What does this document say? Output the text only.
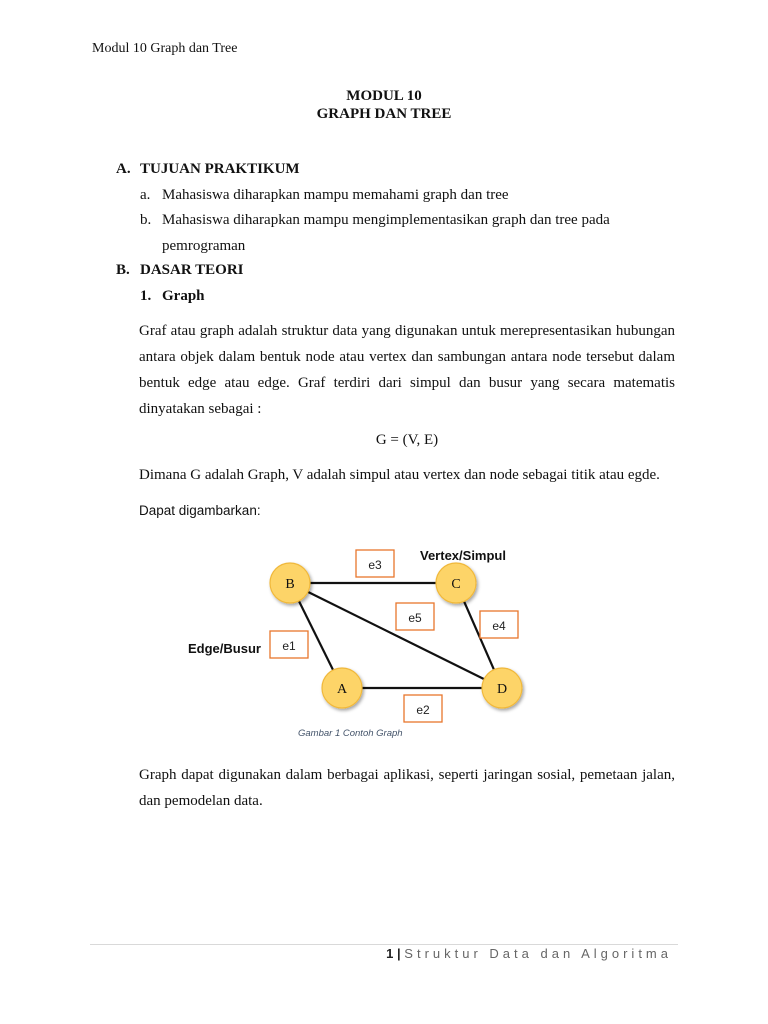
Modul 10 Graph dan Tree
MODUL 10
GRAPH DAN TREE
A. TUJUAN PRAKTIKUM
a. Mahasiswa diharapkan mampu memahami graph dan tree
b. Mahasiswa diharapkan mampu mengimplementasikan graph dan tree pada
pemrograman
B. DASAR TEORI
1. Graph
Graf atau graph adalah struktur data yang digunakan untuk merepresentasikan hubungan antara objek dalam bentuk node atau vertex dan sambungan antara node tersebut dalam bentuk edge atau edge. Graf terdiri dari simpul dan busur yang secara matematis dinyatakan sebagai :
G = (V, E)
Dimana G adalah Graph, V adalah simpul atau vertex dan node sebagai titik atau egde.
Dapat digambarkan:
e3
e5
e4
e1
e2
B	C
A	D
Vertex/Simpul
Edge/Busur
Gambar 1 Contoh Graph
Graph dapat digunakan dalam berbagai aplikasi, seperti jaringan sosial, pemetaan jalan, dan pemodelan data.
1 | Struktur Data dan Algoritma
